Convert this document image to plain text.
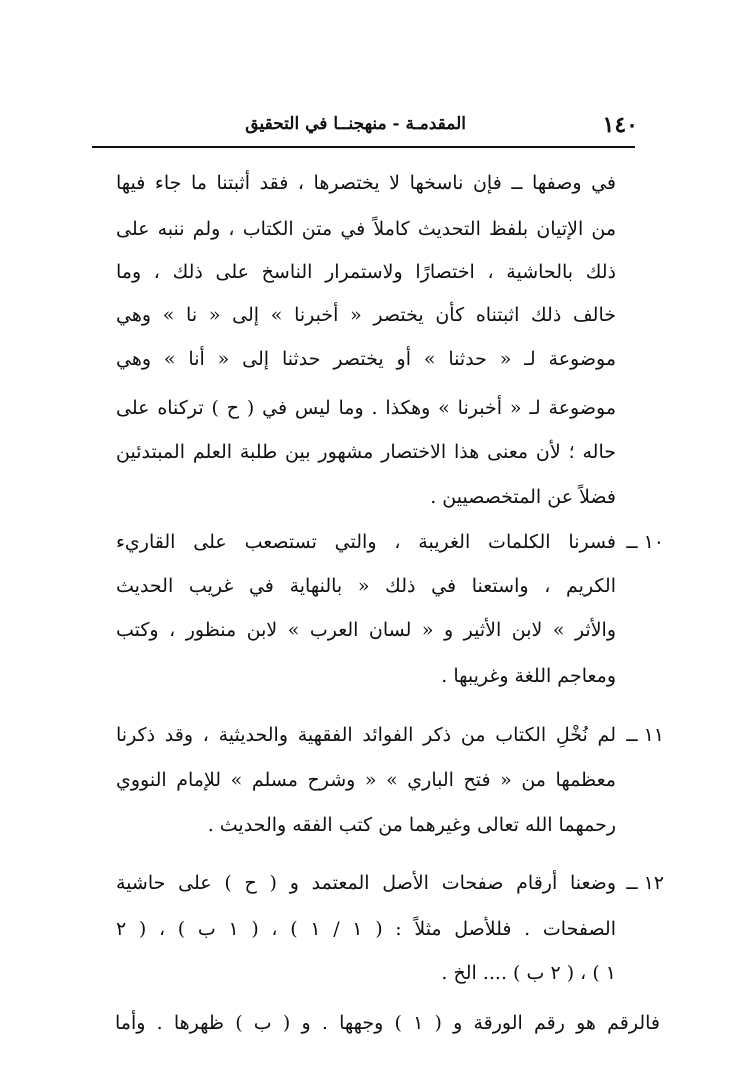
١٤٠
المقدمـة - منهجنــا في التحقيق
في وصفها ــ فإن ناسخها لا يختصرها ، فقد أثبتنا ما جاء فيها
من الإتيان بلفظ التحديث كاملاً في متن الكتاب ، ولم ننبه على
ذلك بالحاشية ، اختصارًا ولاستمرار الناسخ على ذلك ، وما
خالف ذلك اثبتناه كأن يختصر « أخبرنا » إلى « نا » وهي
موضوعة لـ « حدثنا » أو يختصر حدثنا إلى « أنا » وهي
موضوعة لـ « أخبرنا » وهكذا . وما ليس في ( ح ) تركناه على
حاله ؛ لأن معنى هذا الاختصار مشهور بين طلبة العلم المبتدئين
فضلاً عن المتخصصيين .
١٠ ــ
فسرنا الكلمات الغريبة ، والتي تستصعب على القاريء
الكريم ، واستعنا في ذلك « بالنهاية في غريب الحديث
والأثر » لابن الأثير و « لسان العرب » لابن منظور ، وكتب
ومعاجم اللغة وغريبها .
١١ ــ
لم نُخْلِ الكتاب من ذكر الفوائد الفقهية والحديثية ، وقد ذكرنا
معظمها من « فتح الباري » « وشرح مسلم » للإمام النووي
رحمهما الله تعالى وغيرهما من كتب الفقه والحديث .
١٢ ــ
وضعنا أرقام صفحات الأصل المعتمد و ( ح ) على حاشية
الصفحات . فللأصل مثلاً : ( ١ / ١ ) ، ( ١ ب ) ، ( ٢
١ ) ، ( ٢ ب ) .... الخ .
فالرقم هو رقم الورقة و ( ١ ) وجهها . و ( ب ) ظهرها . وأما
